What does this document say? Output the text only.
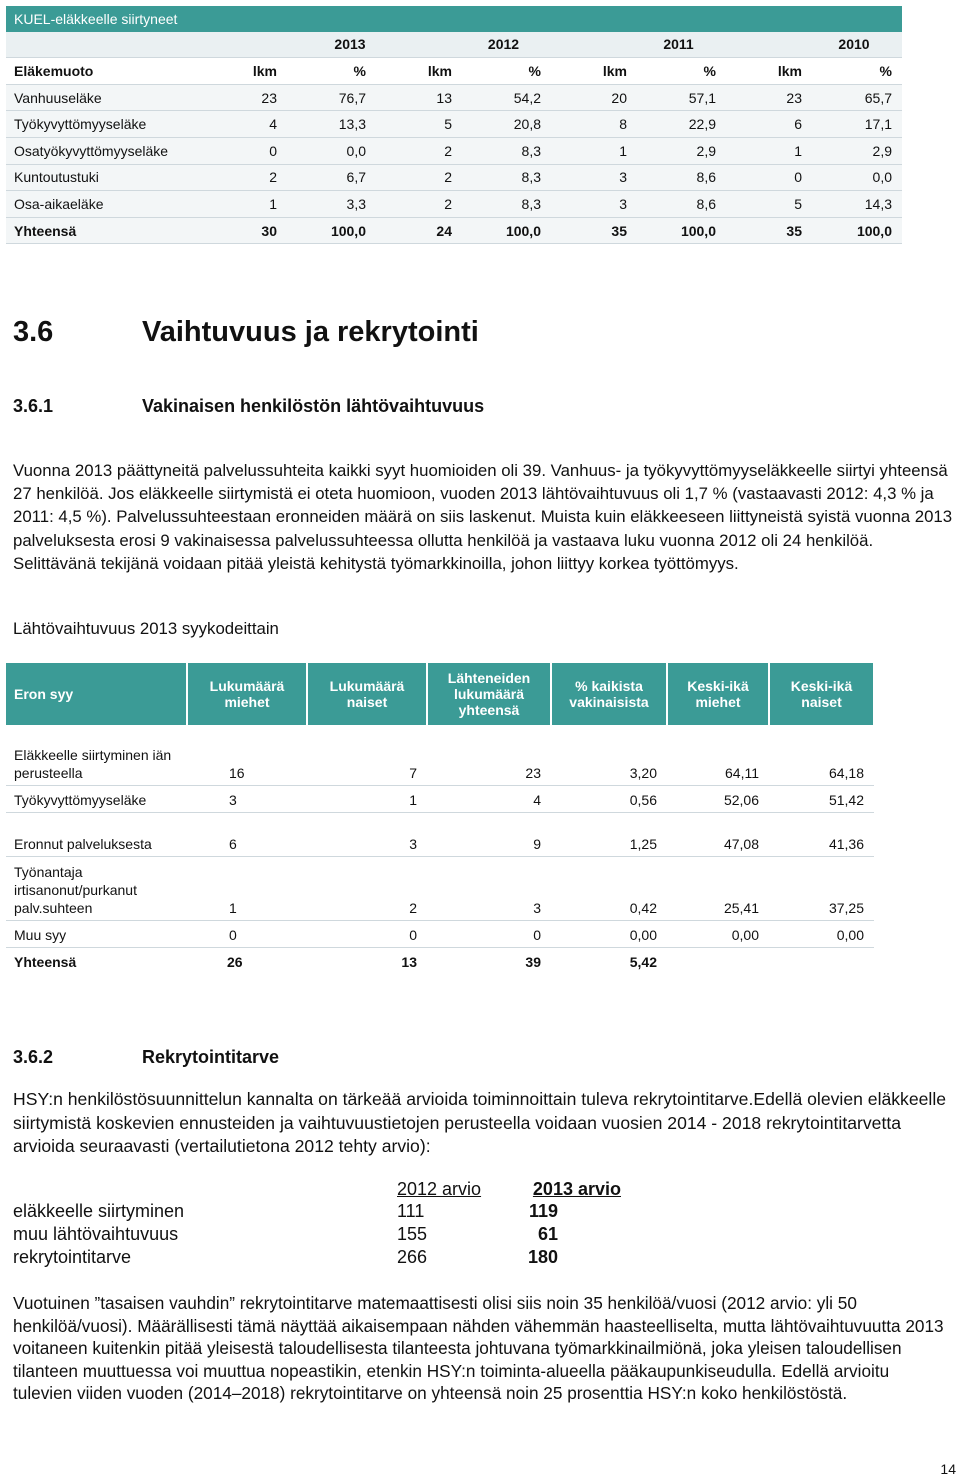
KUEL-eläkkeelle siirtyneet								
	2013		2012		2011		2010	
Eläkemuoto	lkm	%	lkm	%	lkm	%	lkm	%
Vanhuuseläke	23	76,7	13	54,2	20	57,1	23	65,7
Työkyvyttömyyseläke	4	13,3	5	20,8	8	22,9	6	17,1
Osatyökyvyttömyyseläke	0	0,0	2	8,3	1	2,9	1	2,9
Kuntoutustuki	2	6,7	2	8,3	3	8,6	0	0,0
Osa-aikaeläke	1	3,3	2	8,3	3	8,6	5	14,3
Yhteensä	30	100,0	24	100,0	35	100,0	35	100,0
3.6	Vaihtuvuus ja rekrytointi
3.6.1	Vakinaisen henkilöstön lähtövaihtuvuus

Vuonna 2013 päättyneitä palvelussuhteita kaikki syyt huomioiden oli 39. Vanhuus- ja työkyvyttömyyseläkkeelle siirtyi yhteensä 27 henkilöä. Jos eläkkeelle siirtymistä ei oteta huomioon, vuoden 2013 lähtövaihtuvuus oli 1,7 % (vastaavasti 2012: 4,3 % ja 2011: 4,5 %). Palvelussuhteestaan eronneiden määrä on siis laskenut. Muista kuin eläkkeeseen liittyneistä syistä vuonna 2013 palveluksesta erosi 9 vakinaisessa palvelussuhteessa ollutta henkilöä ja vastaava luku vuonna 2012 oli 24 henkilöä. Selittävänä tekijänä voidaan pitää yleistä kehitystä työmarkkinoilla, johon liittyy korkea työttömyys.

Lähtövaihtuvuus 2013 syykodeittain
Eron syy	Lukumäärä miehet	Lukumäärä naiset	Lähteneiden lukumäärä yhteensä	% kaikista vakinaisista	Keski-ikä miehet	Keski-ikä naiset
Eläkkeelle siirtyminen iän perusteella	16	7	23	3,20	64,11	64,18
Työkyvyttömyyseläke	3	1	4	0,56	52,06	51,42
Eronnut palveluksesta	6	3	9	1,25	47,08	41,36
Työnantaja irtisanonut/purkanut palv.suhteen	1	2	3	0,42	25,41	37,25
Muu syy	0	0	0	0,00	0,00	0,00
Yhteensä	26	13	39	5,42		
3.6.2	Rekrytointitarve

HSY:n henkilöstösuunnittelun kannalta on tärkeää arvioida toiminnoittain tuleva rekrytointitarve.Edellä olevien eläkkeelle siirtymistä koskevien ennusteiden ja vaihtuvuustietojen perusteella voidaan vuosien 2014 - 2018 rekrytointitarvetta arvioida seuraavasti (vertailutietona 2012 tehty arvio):

2012 arvio	2013 arvio
eläkkeelle siirtyminen	111	119
muu lähtövaihtuvuus	155	61
rekrytointitarve	266	180

Vuotuinen ”tasaisen vauhdin” rekrytointitarve matemaattisesti olisi siis noin 35 henkilöä/vuosi (2012 arvio: yli 50 henkilöä/vuosi). Määrällisesti tämä näyttää aikaisempaan nähden vähemmän haasteelliselta, mutta lähtövaihtuvuutta 2013 voitaneen kuitenkin pitää yleisestä taloudellisesta tilanteesta johtuvana työmarkkinailmiönä, joka yleisen taloudellisen tilanteen muuttuessa voi muuttua nopeastikin, etenkin HSY:n toiminta-alueella pääkaupunkiseudulla. Edellä arvioitu tulevien viiden vuoden (2014–2018) rekrytointitarve on yhteensä noin 25 prosenttia HSY:n koko henkilöstöstä.

14
